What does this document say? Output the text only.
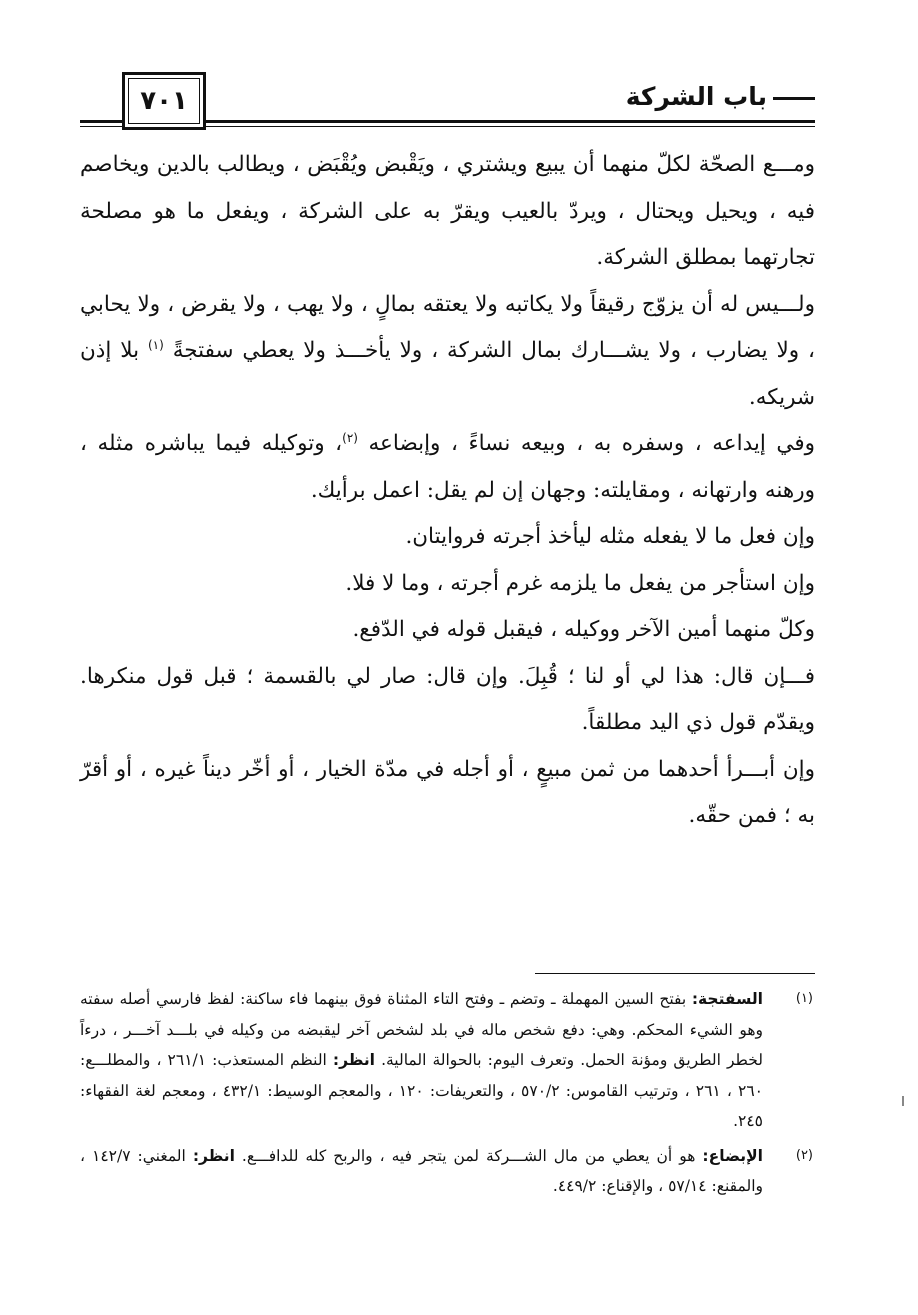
٧٠١	باب الشركة

ومـــع الصحّة لكلّ منهما أن يبيع ويشتري ، ويَقْبض ويُقْبَض ، ويطالب بالدين ويخاصم فيه ، ويحيل ويحتال ، ويردّ بالعيب ويقرّ به على الشركة ، ويفعل ما هو مصلحة تجارتهما بمطلق الشركة.

ولـــيس له أن يزوّج رقيقاً ولا يكاتبه ولا يعتقه بمالٍ ، ولا يهب ، ولا يقرض ، ولا يحابي ، ولا يضارب ، ولا يشـــارك بمال الشركة ، ولا يأخـــذ ولا يعطي سفتجةً $^{(١)}$ بلا إذن شريكه.

وفي إيداعه ، وسفره به ، وبيعه نساءً ، وإبضاعه $^{(٢)}$، وتوكيله فيما يباشره مثله ، ورهنه وارتهانه ، ومقايلته: وجهان إن لم يقل: اعمل برأيك.

وإن فعل ما لا يفعله مثله ليأخذ أجرته فروايتان.

وإن استأجر من يفعل ما يلزمه غرم أجرته ، وما لا فلا.

وكلّ منهما أمين الآخر ووكيله ، فيقبل قوله في الدّفع.

فـــإن قال: هذا لي أو لنا ؛ قُبِلَ. وإن قال: صار لي بالقسمة ؛ قبل قول منكرها. ويقدّم قول ذي اليد مطلقاً.

وإن أبـــرأ أحدهما من ثمن مبيعٍ ، أو أجله في مدّة الخيار ، أو أخّر ديناً غيره ، أو أقرّ به ؛ فمن حقّه.

(١)
السفتجة: بفتح السين المهملة ـ وتضم ـ وفتح التاء المثناة فوق بينهما فاء ساكنة: لفظ فارسي أصله سفته وهو الشيء المحكم. وهي: دفع شخص ماله في بلد لشخص آخر ليقبضه من وكيله في بلـــد آخـــر ، درءاً لخطر الطريق ومؤنة الحمل. وتعرف اليوم: بالحوالة المالية. انظر: النظم المستعذب: ٢٦١/١ ، والمطلـــع: ٢٦٠ ، ٢٦١ ، وترتيب القاموس: ٥٧٠/٢ ، والتعريفات: ١٢٠ ، والمعجم الوسيط: ٤٣٢/١ ، ومعجم لغة الفقهاء: ٢٤٥.
(٢)
الإبضاع: هو أن يعطي من مال الشـــركة لمن يتجر فيه ، والربح كله للدافـــع. انظر: المغني: ١٤٢/٧ ، والمقنع: ٥٧/١٤ ، والإقناع: ٤٤٩/٢.
